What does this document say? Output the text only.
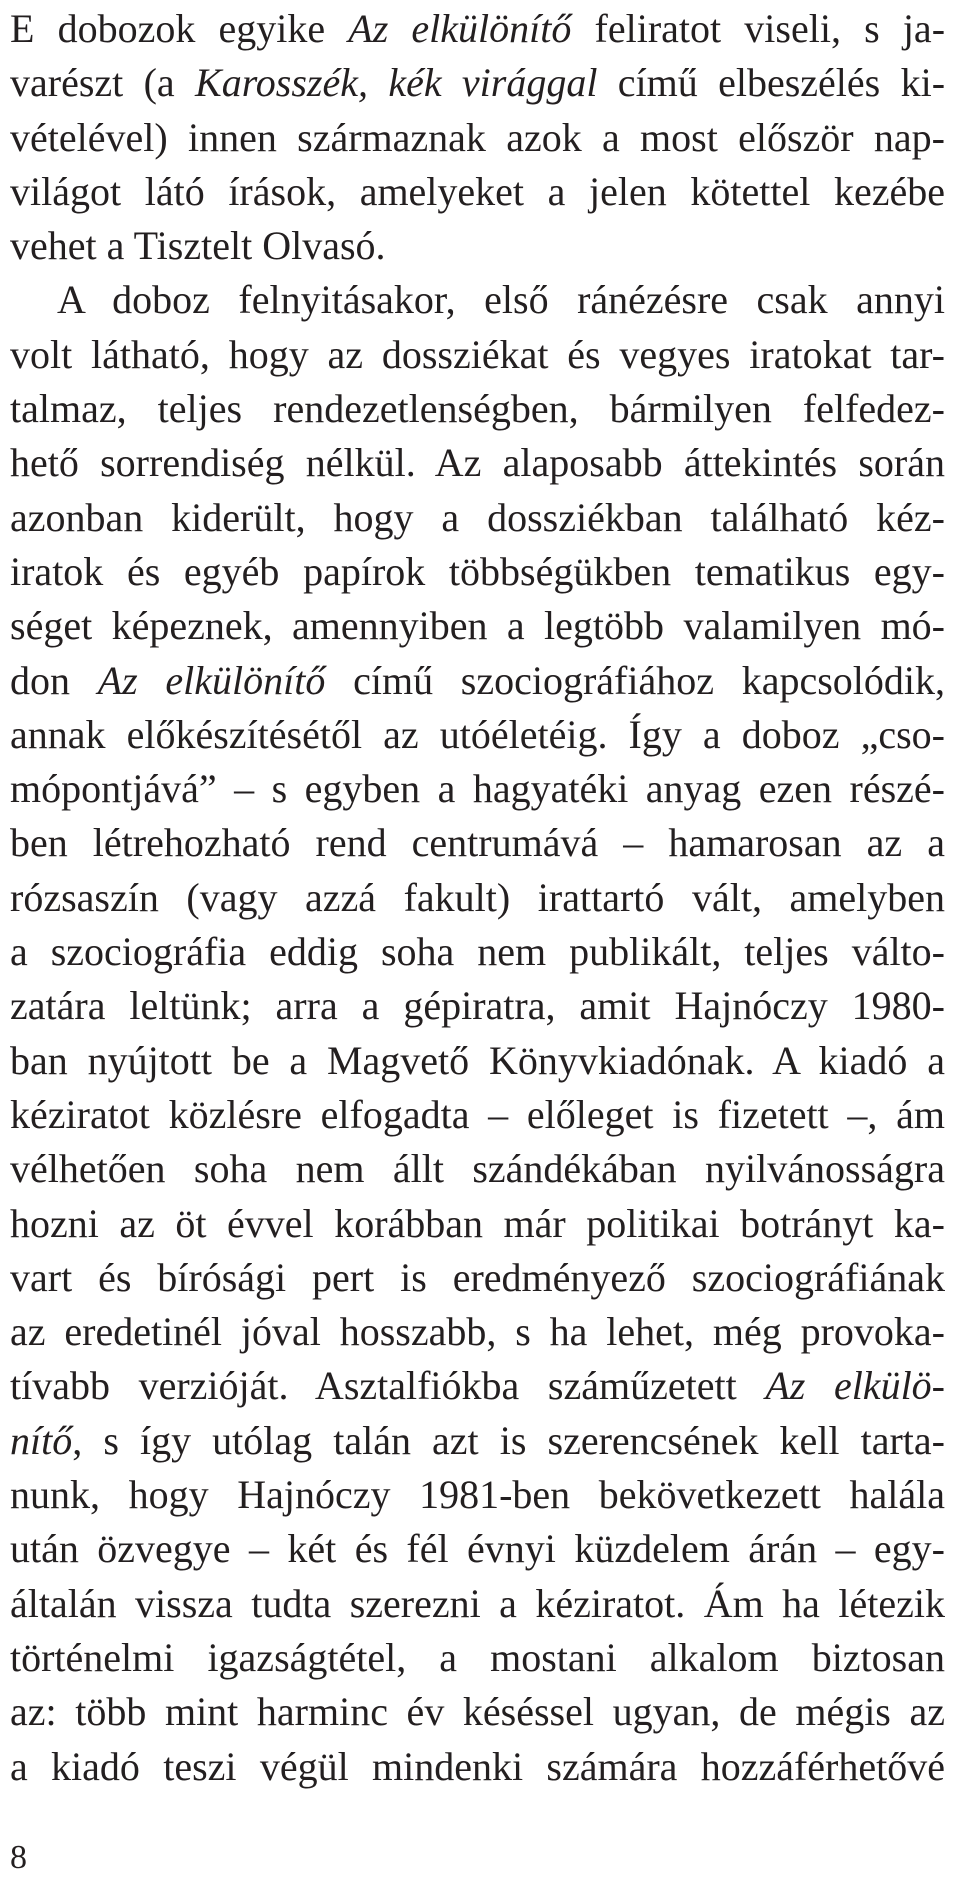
E dobozok egyike Az elkülönítő feliratot viseli, s ja-
varészt (a Karosszék, kék virággal című elbeszélés ki-
vételével) innen származnak azok a most először nap-
világot látó írások, amelyeket a jelen kötettel kezébe
vehet a Tisztelt Olvasó.
A doboz felnyitásakor, első ránézésre csak annyi
volt látható, hogy az dossziékat és vegyes iratokat tar-
talmaz, teljes rendezetlenségben, bármilyen felfedez-
hető sorrendiség nélkül. Az alaposabb áttekintés során
azonban kiderült, hogy a dossziékban található kéz-
iratok és egyéb papírok többségükben tematikus egy-
séget képeznek, amennyiben a legtöbb valamilyen mó-
don Az elkülönítő című szociográfiához kapcsolódik,
annak előkészítésétől az utóéletéig. Így a doboz „cso-
mópontjává” – s egyben a hagyatéki anyag ezen részé-
ben létrehozható rend centrumává – hamarosan az a
rózsaszín (vagy azzá fakult) irattartó vált, amelyben
a szociográfia eddig soha nem publikált, teljes válto-
zatára leltünk; arra a gépiratra, amit Hajnóczy 1980-
ban nyújtott be a Magvető Könyvkiadónak. A kiadó a
kéziratot közlésre elfogadta – előleget is fizetett –, ám
vélhetően soha nem állt szándékában nyilvánosságra
hozni az öt évvel korábban már politikai botrányt ka-
vart és bírósági pert is eredményező szociográfiának
az eredetinél jóval hosszabb, s ha lehet, még provoka-
tívabb verzióját. Asztalfiókba száműzetett Az elkülö-
nítő, s így utólag talán azt is szerencsének kell tarta-
nunk, hogy Hajnóczy 1981-ben bekövetkezett halála
után özvegye – két és fél évnyi küzdelem árán – egy-
általán vissza tudta szerezni a kéziratot. Ám ha létezik
történelmi igazságtétel, a mostani alkalom biztosan
az: több mint harminc év késéssel ugyan, de mégis az
a kiadó teszi végül mindenki számára hozzáférhetővé
8
